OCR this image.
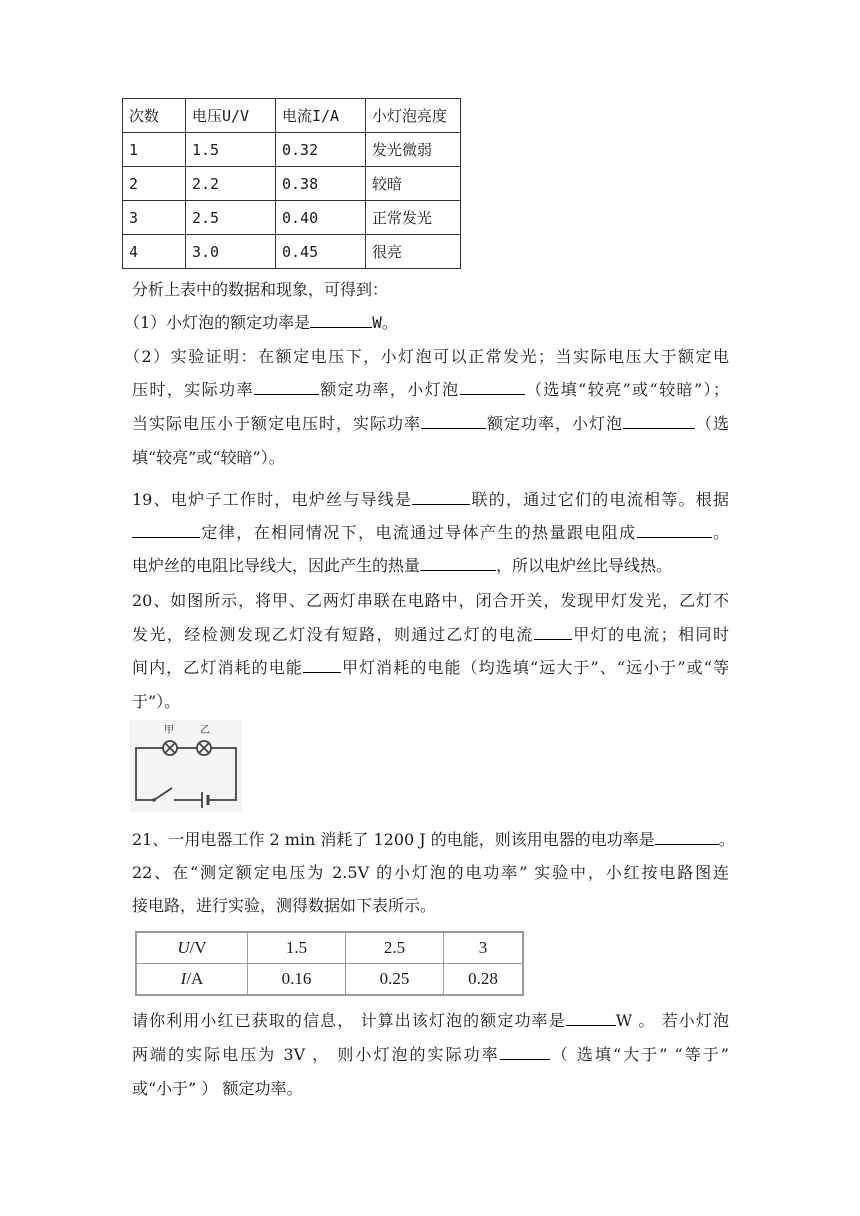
次数	电压U/V	电流I/A	小灯泡亮度
1	1.5	0.32	发光微弱
2	2.2	0.38	较暗
3	2.5	0.40	正常发光
4	3.0	0.45	很亮
分析上表中的数据和现象，可得到：
（1）小灯泡的额定功率是	W。
（2）实验证明：在额定电压下，小灯泡可以正常发光；当实际电压大于额定电
压时，实际功率	额定功率，小灯泡	（选填“较亮”或“较暗”）；
当实际电压小于额定电压时，实际功率	额定功率，小灯泡	（选
填“较亮”或“较暗”）。
19、电炉子工作时，电炉丝与导线是	联的，通过它们的电流相等。根据
定律，在相同情况下，电流通过导体产生的热量跟电阻成	。
电炉丝的电阻比导线大，因此产生的热量	，所以电炉丝比导线热。
20、如图所示，将甲、乙两灯串联在电路中，闭合开关，发现甲灯发光，乙灯不
发光，经检测发现乙灯没有短路，则通过乙灯的电流 甲灯的电流；相同时
间内，乙灯消耗的电能 甲灯消耗的电能（均选填“远大于”、“远小于”或“等
于”）。
甲	乙
21、一用电器工作 2 min 消耗了 1200 J 的电能，则该用电器的电功率是	。
22、在“测定额定电压为 2.5V 的小灯泡的电功率” 实验中，小红按电路图连
接电路，进行实验，测得数据如下表所示。
U/V	1.5	2.5	3
I/A	0.16	0.25	0.28
请你利用小红已获取的信息， 计算出该灯泡的额定功率是	W 。 若小灯泡
两端的实际电压为 3V ， 则小灯泡的实际功率	（ 选填“大于” “等于”
或“小于” ） 额定功率。
